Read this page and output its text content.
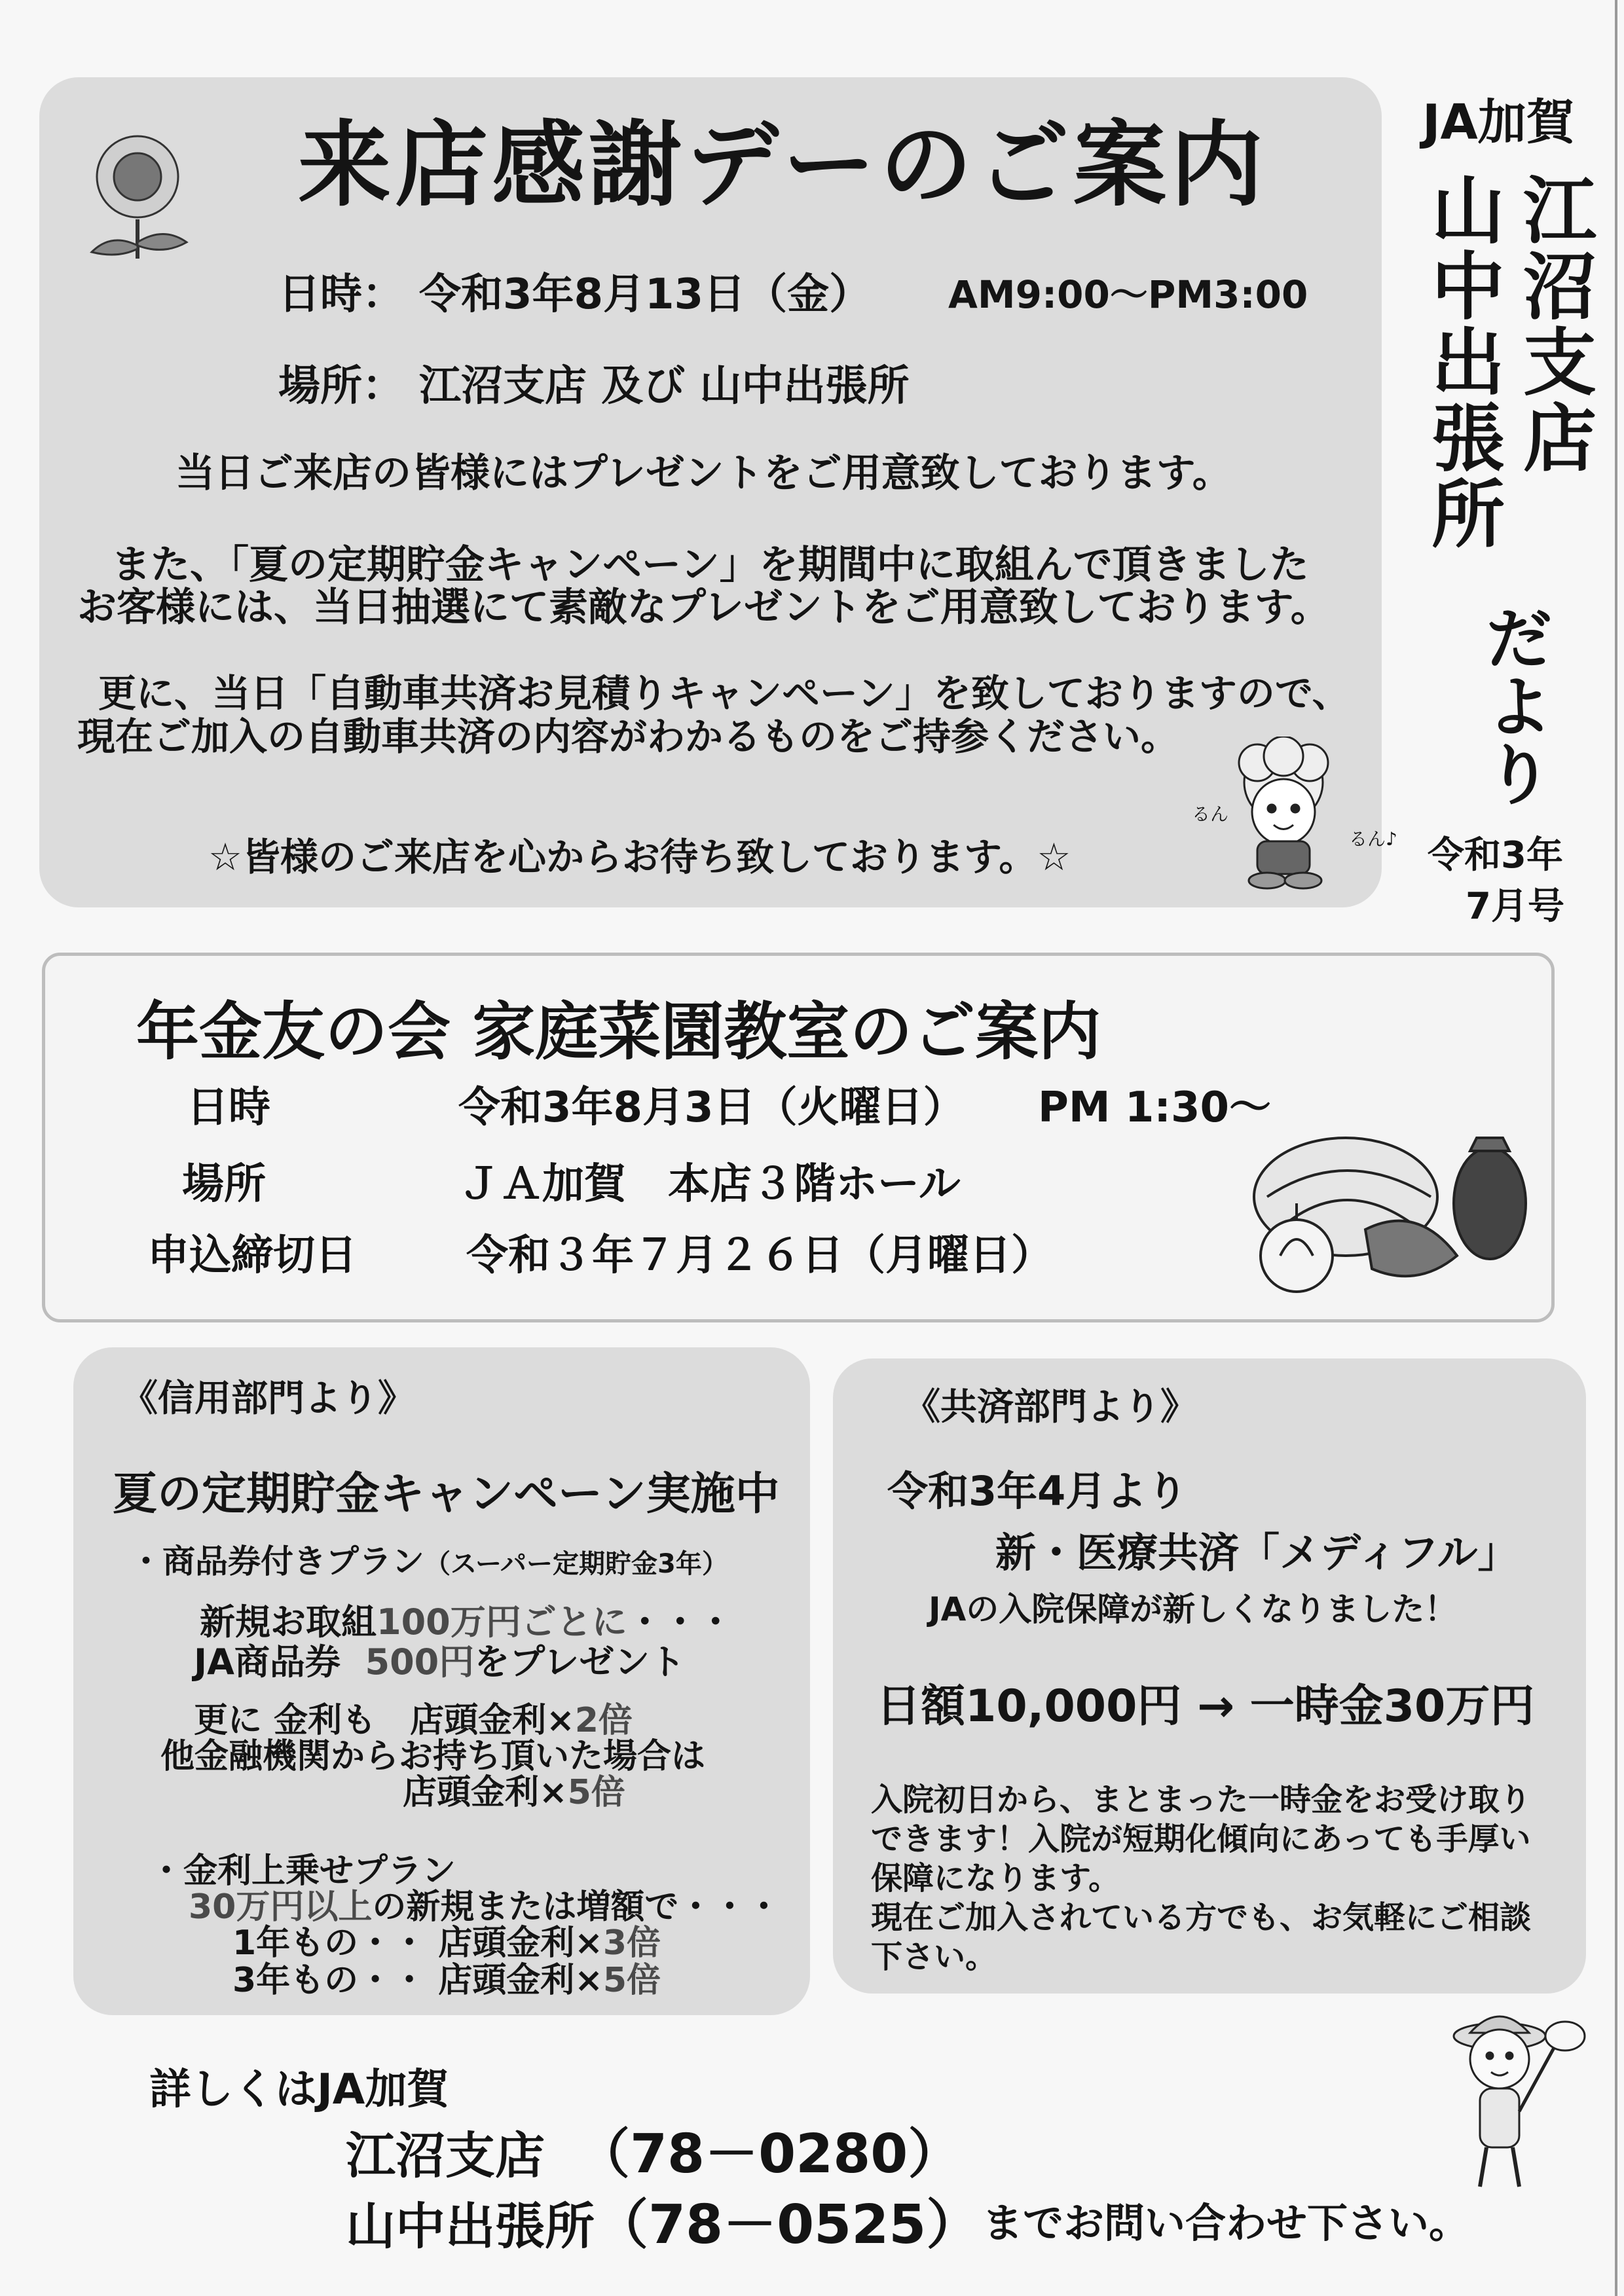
来店感謝デーのご案内
日時： 令和3年8月13日（金） AM9:00〜PM3:00
場所： 江沼支店 及び 山中出張所
当日ご来店の皆様にはプレゼントをご用意致しております。
また、「夏の定期貯金キャンペーン」を期間中に取組んで頂きました
お客様には、当日抽選にて素敵なプレゼントをご用意致しております。
更に、当日「自動車共済お見積りキャンペーン」を致しておりますので、
現在ご加入の自動車共済の内容がわかるものをご持参ください。
☆皆様のご来店を心からお待ち致しております。☆
るん
るん♪
JA加賀
江
沼
支
店
山
中
出
張
所
だ
よ
り
令和3年
7月号
年金友の会 家庭菜園教室のご案内
日時	令和3年8月3日（火曜日） PM 1:30〜
場所	ＪＡ加賀　本店３階ホール
申込締切日	令和３年７月２６日（月曜日）
《信用部門より》
夏の定期貯金キャンペーン実施中
・商品券付きプラン（スーパー定期貯金3年）
新規お取組100万円ごとに・・・
JA商品券 500円をプレゼント
更に 金利も　店頭金利×2倍
他金融機関からお持ち頂いた場合は
店頭金利×5倍
・金利上乗せプラン
30万円以上の新規または増額で・・・
1年もの・・ 店頭金利×3倍
3年もの・・ 店頭金利×5倍
《共済部門より》
令和3年4月より
新・医療共済「メディフル」
JAの入院保障が新しくなりました！
日額10,000円 → 一時金30万円
入院初日から、まとまった一時金をお受け取り
できます！入院が短期化傾向にあっても手厚い
保障になります。
現在ご加入されている方でも、お気軽にご相談
下さい。
詳しくはJA加賀
江沼支店 （78－0280）
山中出張所 （78－0525） までお問い合わせ下さい。
